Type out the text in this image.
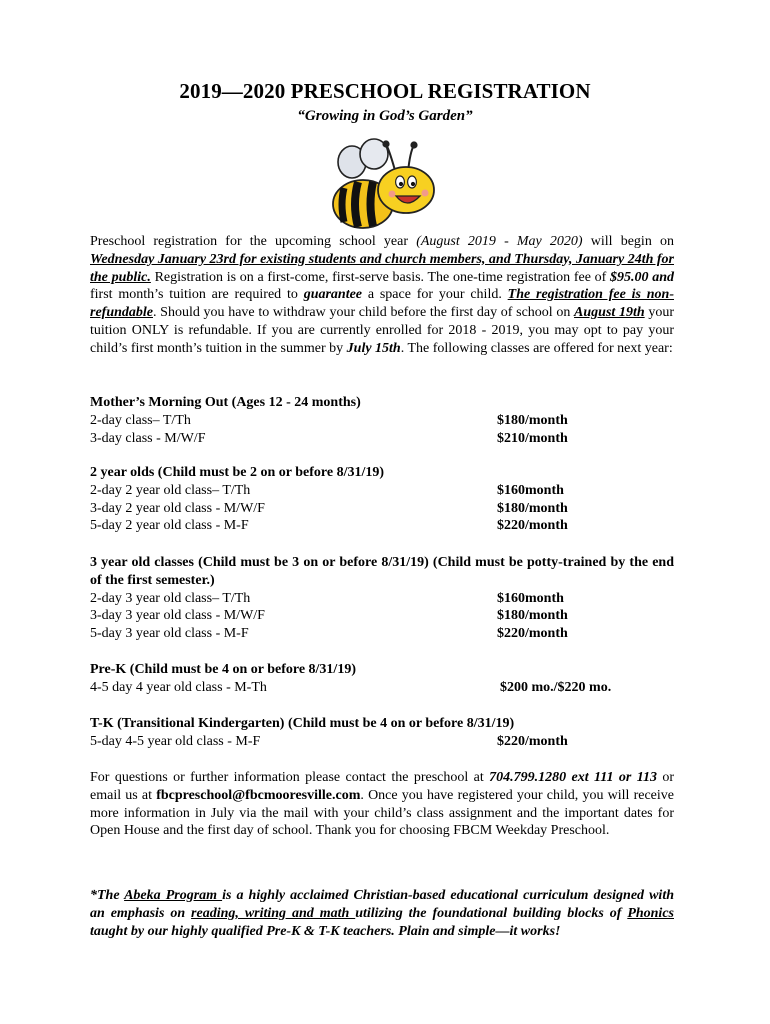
2019—2020 PRESCHOOL REGISTRATION
“Growing in God’s Garden”
Preschool registration for the upcoming school year (August 2019 - May 2020) will begin on Wednesday January 23rd for existing students and church members, and Thursday, January 24th for the public. Registration is on a first-come, first-serve basis. The one-time registration fee of $95.00 and first month’s tuition are required to guarantee a space for your child. The registration fee is non-refundable. Should you have to withdraw your child before the first day of school on August 19th your tuition ONLY is refundable. If you are currently enrolled for 2018 - 2019, you may opt to pay your child’s first month’s tuition in the summer by July 15th. The following classes are offered for next year:
Mother’s Morning Out (Ages 12 - 24 months)
2-day class– T/Th	$180/month
3-day class - M/W/F	$210/month
2 year olds (Child must be 2 on or before 8/31/19)
2-day 2 year old class– T/Th	$160month
3-day 2 year old class - M/W/F	$180/month
5-day 2 year old class - M-F	$220/month
3 year old classes (Child must be 3 on or before 8/31/19) (Child must be potty-trained by the end of the first semester.)
2-day 3 year old class– T/Th	$160month
3-day 3 year old class - M/W/F	$180/month
5-day 3 year old class - M-F	$220/month
Pre-K (Child must be 4 on or before 8/31/19)
4-5 day 4 year old class - M-Th	$200 mo./$220 mo.
T-K (Transitional Kindergarten) (Child must be 4 on or before 8/31/19)
5-day 4-5 year old class - M-F	$220/month
For questions or further information please contact the preschool at 704.799.1280 ext 111 or 113 or email us at fbcpreschool@fbcmooresville.com. Once you have registered your child, you will receive more information in July via the mail with your child’s class assignment and the important dates for Open House and the first day of school. Thank you for choosing FBCM Weekday Preschool.
*The Abeka Program is a highly acclaimed Christian-based educational curriculum designed with an emphasis on reading, writing and math utilizing the foundational building blocks of Phonics taught by our highly qualified Pre-K & T-K teachers. Plain and simple—it works!
